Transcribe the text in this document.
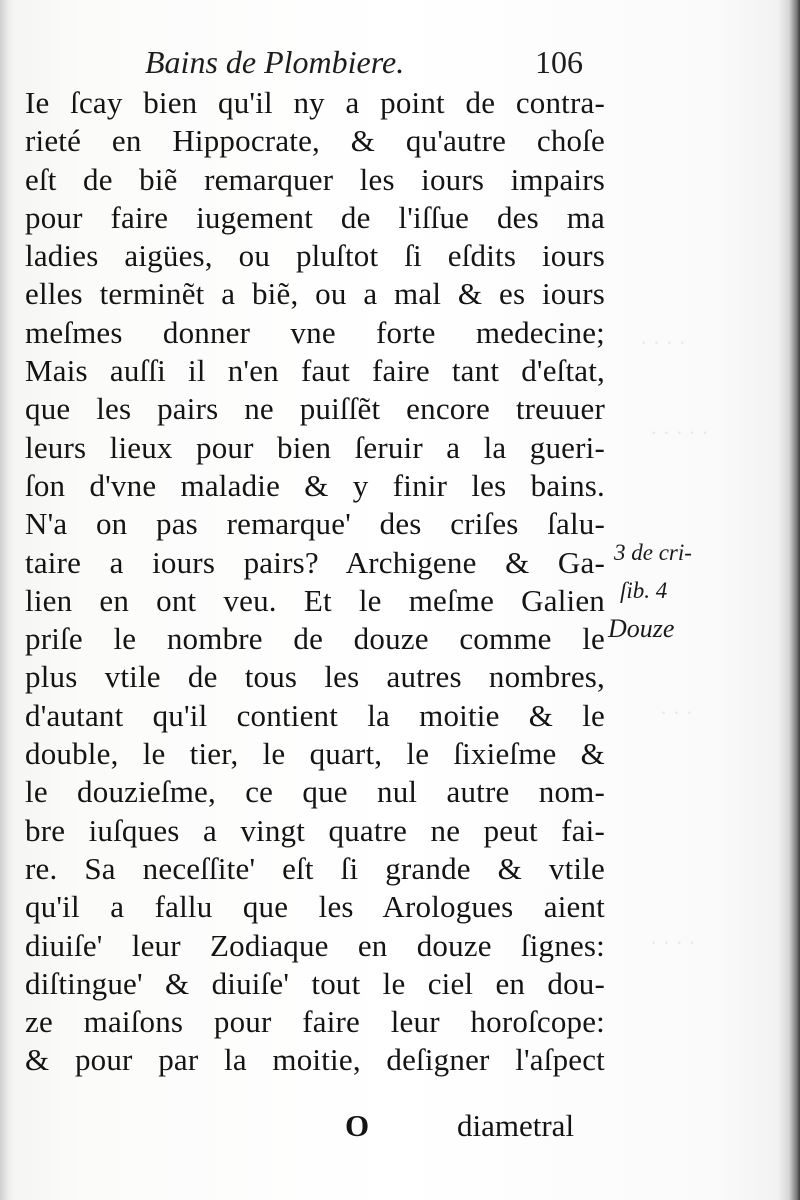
· · · ·
· · · · ·
· · ·
· · · ·
Bains de Plombiere.	106
Ie ſcay bien qu'il ny a point de contra-
rieté en Hippocrate, & qu'autre choſe
eſt de biẽ remarquer les iours impairs
pour faire iugement de l'iſſue des ma
ladies aigües, ou pluſtot ſi eſdits iours
elles terminẽt a biẽ, ou a mal & es iours
meſmes donner vne forte medecine;
Mais auſſi il n'en faut faire tant d'eſtat,
que les pairs ne puiſſẽt encore treuuer
leurs lieux pour bien ſeruir a la gueri-
ſon d'vne maladie & y finir les bains.
N'a on pas remarque' des criſes ſalu-
taire a iours pairs? Archigene & Ga-
lien en ont veu. Et le meſme Galien
priſe le nombre de douze comme le
plus vtile de tous les autres nombres,
d'autant qu'il contient la moitie & le
double, le tier, le quart, le ſixieſme &
le douzieſme, ce que nul autre nom-
bre iuſques a vingt quatre ne peut fai-
re. Sa neceſſite' eſt ſi grande & vtile
qu'il a fallu que les Arologues aient
diuiſe' leur Zodiaque en douze ſignes:
diſtingue' & diuiſe' tout le ciel en dou-
ze maiſons pour faire leur horoſcope:
& pour par la moitie, deſigner l'aſpect
O	diametral
3 de cri-
ſib. 4
Douze
